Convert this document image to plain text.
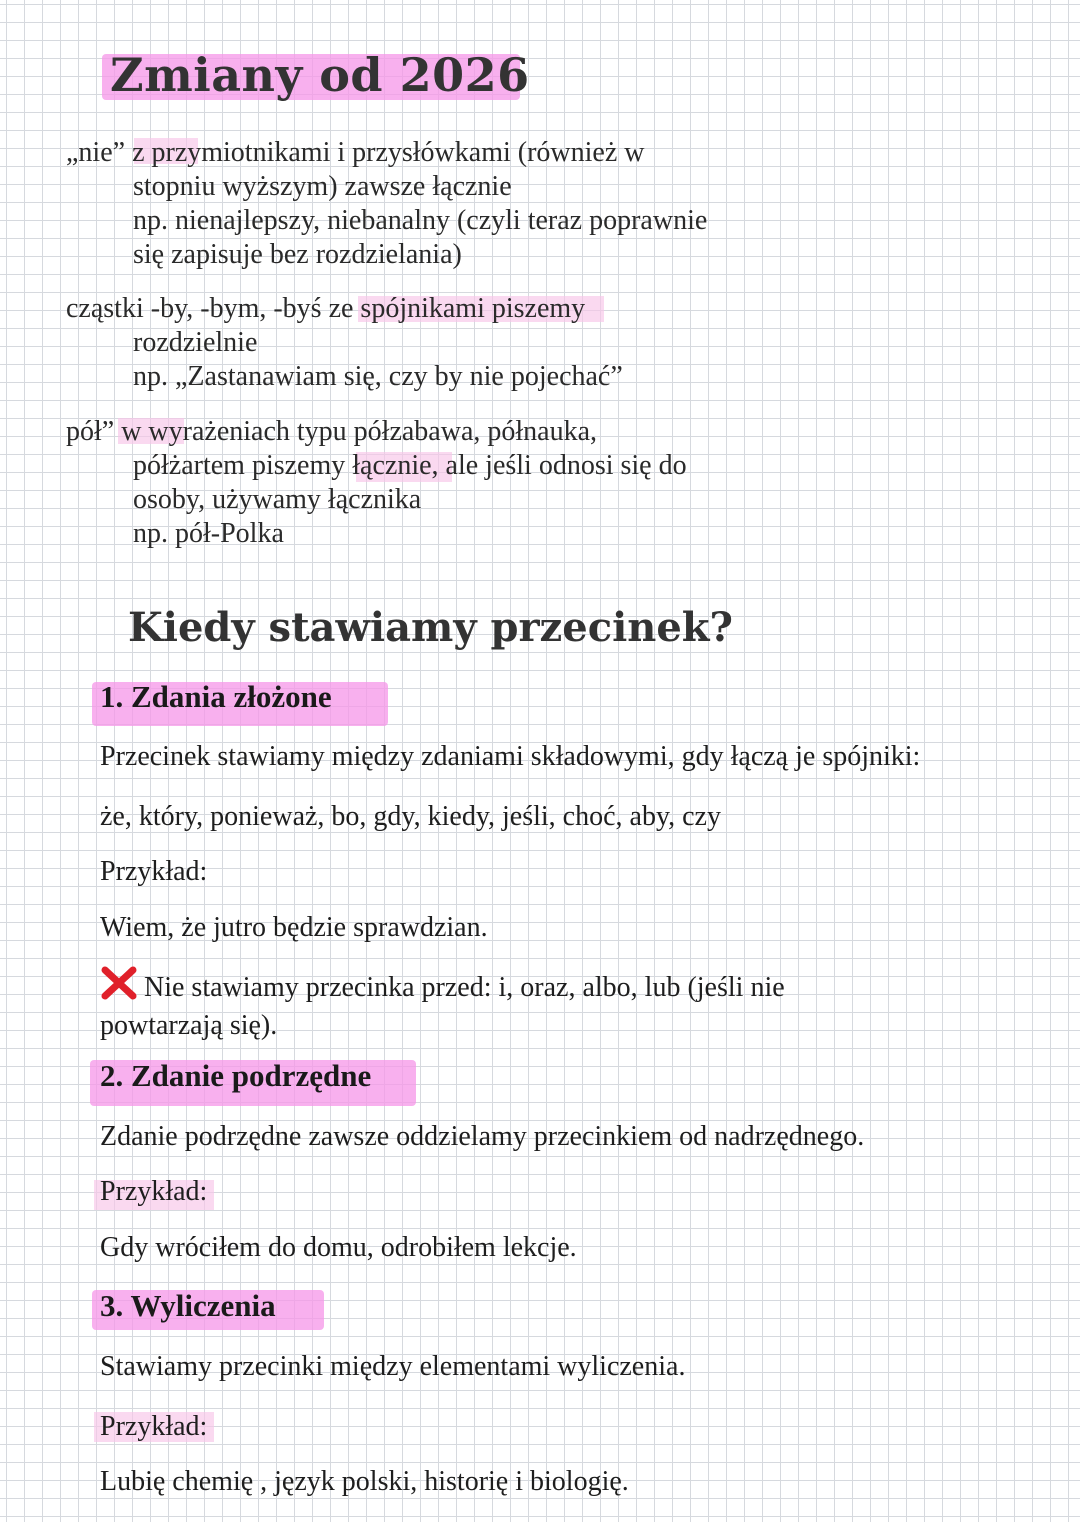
Zmiany od 2026
„nie” z przymiotnikami i przysłówkami (również w
stopniu wyższym) zawsze łącznie
np. nienajlepszy, niebanalny (czyli teraz poprawnie
się zapisuje bez rozdzielania)
cząstki -by, -bym, -byś ze spójnikami piszemy
rozdzielnie
np. „Zastanawiam się, czy by nie pojechać”
pół” w wyrażeniach typu półzabawa, półnauka,
półżartem piszemy łącznie, ale jeśli odnosi się do
osoby, używamy łącznika
np. pół-Polka
Kiedy stawiamy przecinek?
1. Zdania złożone
Przecinek stawiamy między zdaniami składowymi, gdy łączą je spójniki:
że, który, ponieważ, bo, gdy, kiedy, jeśli, choć, aby, czy
Przykład:
Wiem, że jutro będzie sprawdzian.
Nie stawiamy przecinka przed: i, oraz, albo, lub (jeśli nie
powtarzają się).
2. Zdanie podrzędne
Zdanie podrzędne zawsze oddzielamy przecinkiem od nadrzędnego.
Przykład:
Gdy wróciłem do domu, odrobiłem lekcje.
3. Wyliczenia
Stawiamy przecinki między elementami wyliczenia.
Przykład:
Lubię chemię , język polski, historię i biologię.
